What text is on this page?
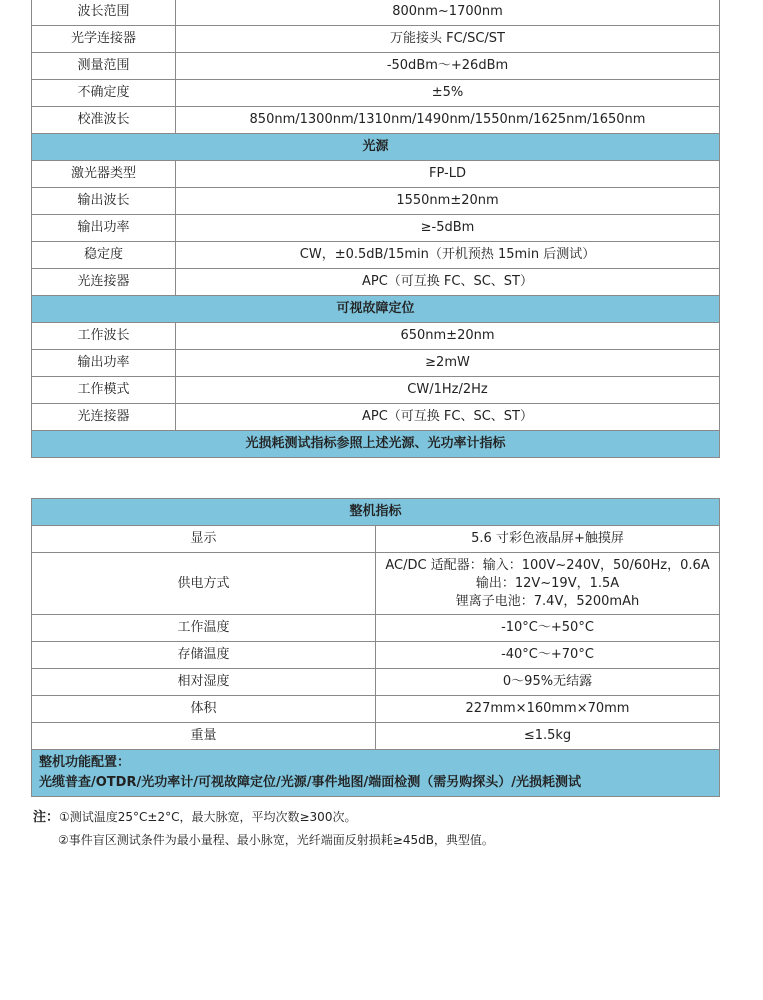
波长范围	800nm~1700nm
光学连接器	万能接头 FC/SC/ST
测量范围	-50dBm～+26dBm
不确定度	±5%
校准波长	850nm/1300nm/1310nm/1490nm/1550nm/1625nm/1650nm
光源	
激光器类型	FP-LD
输出波长	1550nm±20nm
输出功率	≥-5dBm
稳定度	CW，±0.5dB/15min（开机预热 15min 后测试）
光连接器	APC（可互换 FC、SC、ST）
可视故障定位	
工作波长	650nm±20nm
输出功率	≥2mW
工作模式	CW/1Hz/2Hz
光连接器	APC（可互换 FC、SC、ST）
光损耗测试指标参照上述光源、光功率计指标	
整机指标	
显示	5.6 寸彩色液晶屏+触摸屏
供电方式	AC/DC 适配器：输入：100V~240V，50/60Hz，0.6A
输出：12V~19V，1.5A
锂离子电池：7.4V，5200mAh

工作温度	-10°C～+50°C
存储温度	-40°C～+70°C
相对湿度	0～95%无结露
体积	227mm×160mm×70mm
重量	≤1.5kg

整机功能配置：
光缆普查/OTDR/光功率计/可视故障定位/光源/事件地图/端面检测（需另购探头）/光损耗测试	
注：①测试温度25°C±2°C，最大脉宽，平均次数≥300次。
②事件盲区测试条件为最小量程、最小脉宽，光纤端面反射损耗≥45dB，典型值。
